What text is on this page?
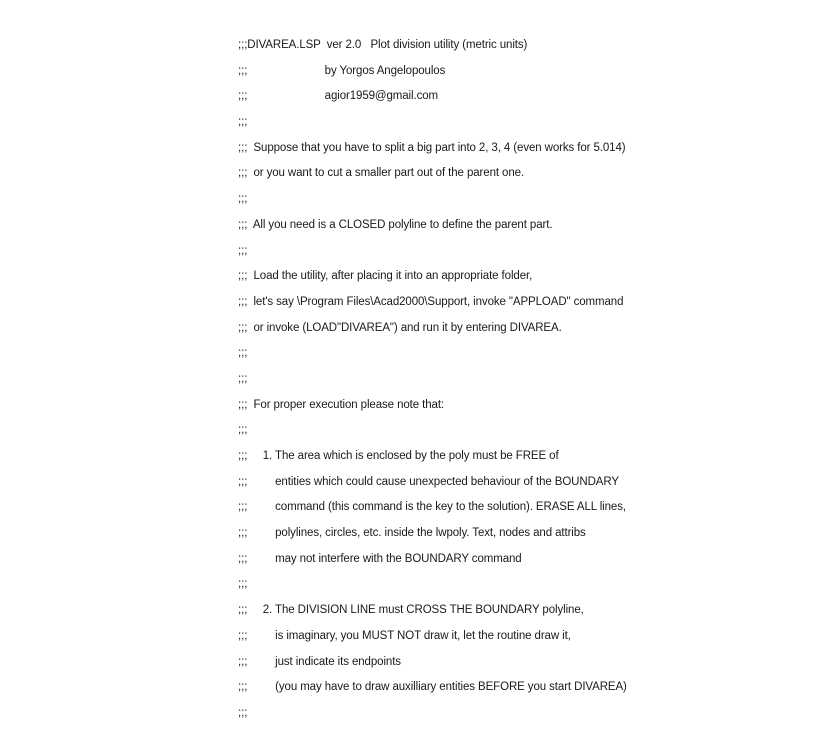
;;;DIVAREA.LSP  ver 2.0   Plot division utility (metric units)
;;;                         by Yorgos Angelopoulos
;;;                         agior1959@gmail.com
;;;
;;;  Suppose that you have to split a big part into 2, 3, 4 (even works for 5.014)
;;;  or you want to cut a smaller part out of the parent one.
;;;
;;;  All you need is a CLOSED polyline to define the parent part.
;;;
;;;  Load the utility, after placing it into an appropriate folder,
;;;  let's say \Program Files\Acad2000\Support, invoke "APPLOAD" command
;;;  or invoke (LOAD"DIVAREA") and run it by entering DIVAREA.
;;;
;;;
;;;  For proper execution please note that:
;;;
;;;     1. The area which is enclosed by the poly must be FREE of
;;;         entities which could cause unexpected behaviour of the BOUNDARY
;;;         command (this command is the key to the solution). ERASE ALL lines,
;;;         polylines, circles, etc. inside the lwpoly. Text, nodes and attribs
;;;         may not interfere with the BOUNDARY command
;;;
;;;     2. The DIVISION LINE must CROSS THE BOUNDARY polyline,
;;;         is imaginary, you MUST NOT draw it, let the routine draw it,
;;;         just indicate its endpoints
;;;         (you may have to draw auxilliary entities BEFORE you start DIVAREA)
;;;
